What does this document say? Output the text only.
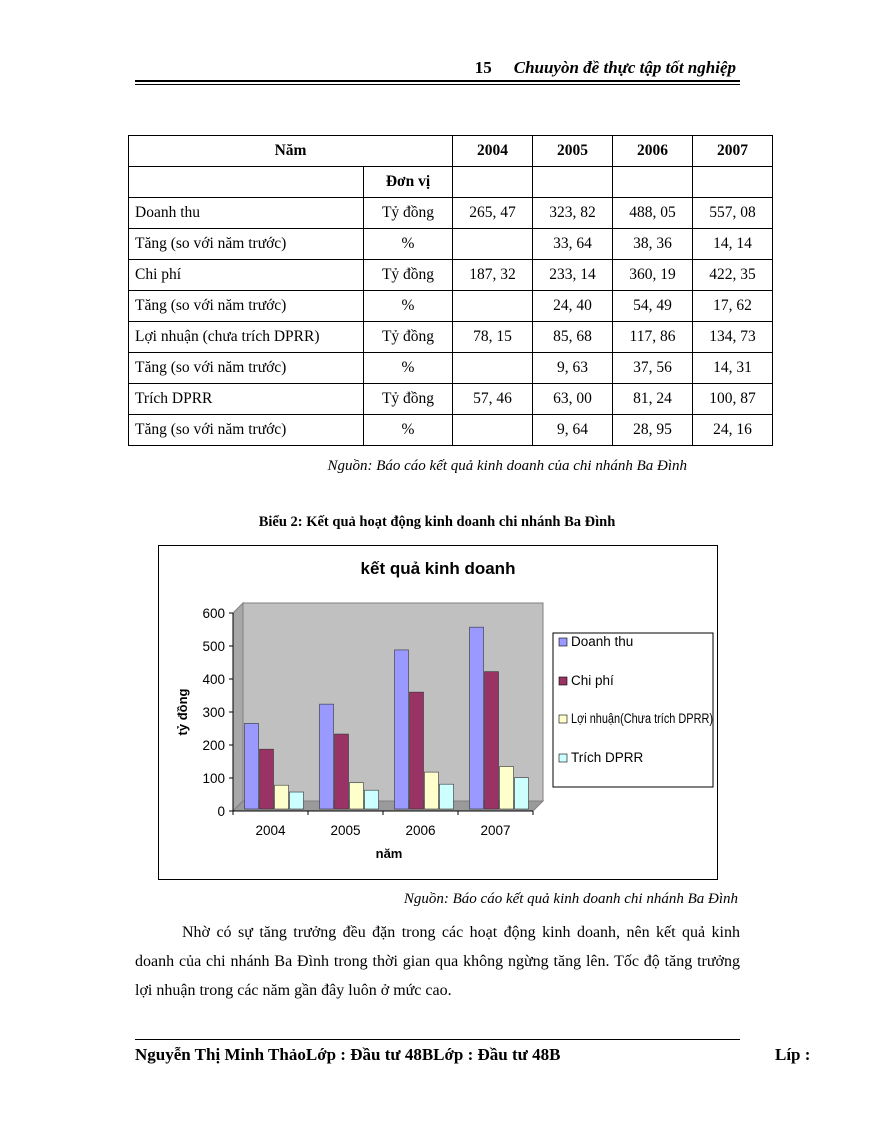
15 Chuuyòn đề thực tập tốt nghiệp
Năm		2004	2005	2006	2007
	Đơn vị				
Doanh thu	Tỷ đồng	265, 47	323, 82	488, 05	557, 08
Tăng (so với năm trước)	%		33, 64	38, 36	14, 14
Chi phí	Tỷ đồng	187, 32	233, 14	360, 19	422, 35
Tăng (so với năm trước)	%		24, 40	54, 49	17, 62
Lợi nhuận (chưa trích DPRR)	Tỷ đồng	78, 15	85, 68	117, 86	134, 73
Tăng (so với năm trước)	%		9, 63	37, 56	14, 31
Trích DPRR	Tỷ đồng	57, 46	63, 00	81, 24	100, 87
Tăng (so với năm trước)	%		9, 64	28, 95	24, 16
Nguồn: Báo cáo kết quả kinh doanh của chi nhánh Ba Đình
Biểu 2: Kết quả hoạt động kinh doanh chi nhánh Ba Đình
kết quả kinh doanh
0
100
200
300
400
500
600
tỷ đồng
2004	2005	2006	2007
năm
Doanh thu
Chi phí
Lợi nhuận(Chưa trích DPRR)
Trích DPRR
Nguồn: Báo cáo kết quả kinh doanh chi nhánh Ba Đình
Nhờ có sự tăng trưởng đều đặn trong các hoạt động kinh doanh, nên kết quả kinh doanh của chi nhánh Ba Đình trong thời gian qua không ngừng tăng lên. Tốc độ tăng trưởng lợi nhuận trong các năm gần đây luôn ở mức cao.
Nguyễn Thị Minh ThảoLớp : Đầu tư 48BLớp : Đầu tư 48B	Líp :
